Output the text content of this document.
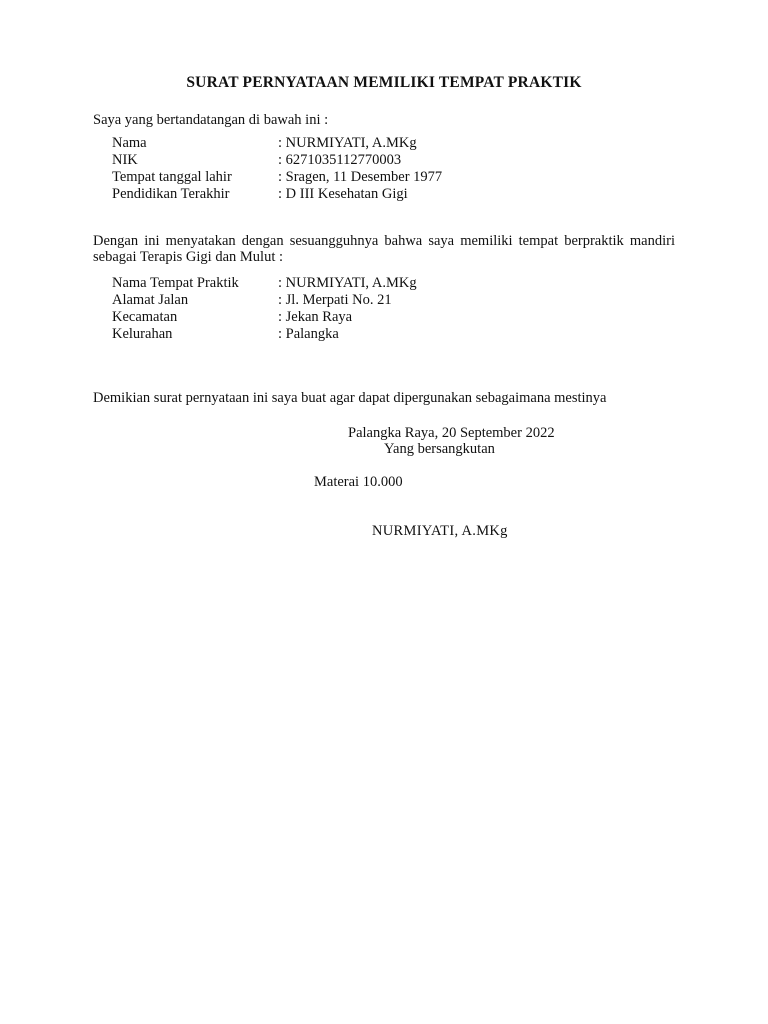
SURAT PERNYATAAN MEMILIKI TEMPAT PRAKTIK
Saya yang bertandatangan di bawah ini :
Nama	: NURMIYATI, A.MKg
NIK	: 6271035112770003
Tempat tanggal lahir	: Sragen, 11 Desember 1977
Pendidikan Terakhir	: D III Kesehatan Gigi
Dengan ini menyatakan dengan sesuangguhnya bahwa saya memiliki tempat berpraktik mandiri sebagai Terapis Gigi dan Mulut :
Nama Tempat Praktik	: NURMIYATI, A.MKg
Alamat Jalan	: Jl. Merpati No. 21
Kecamatan	: Jekan Raya
Kelurahan	: Palangka
Demikian surat pernyataan ini saya buat agar dapat dipergunakan sebagaimana mestinya
Palangka Raya, 20 September 2022
Yang bersangkutan
Materai 10.000
NURMIYATI, A.MKg
